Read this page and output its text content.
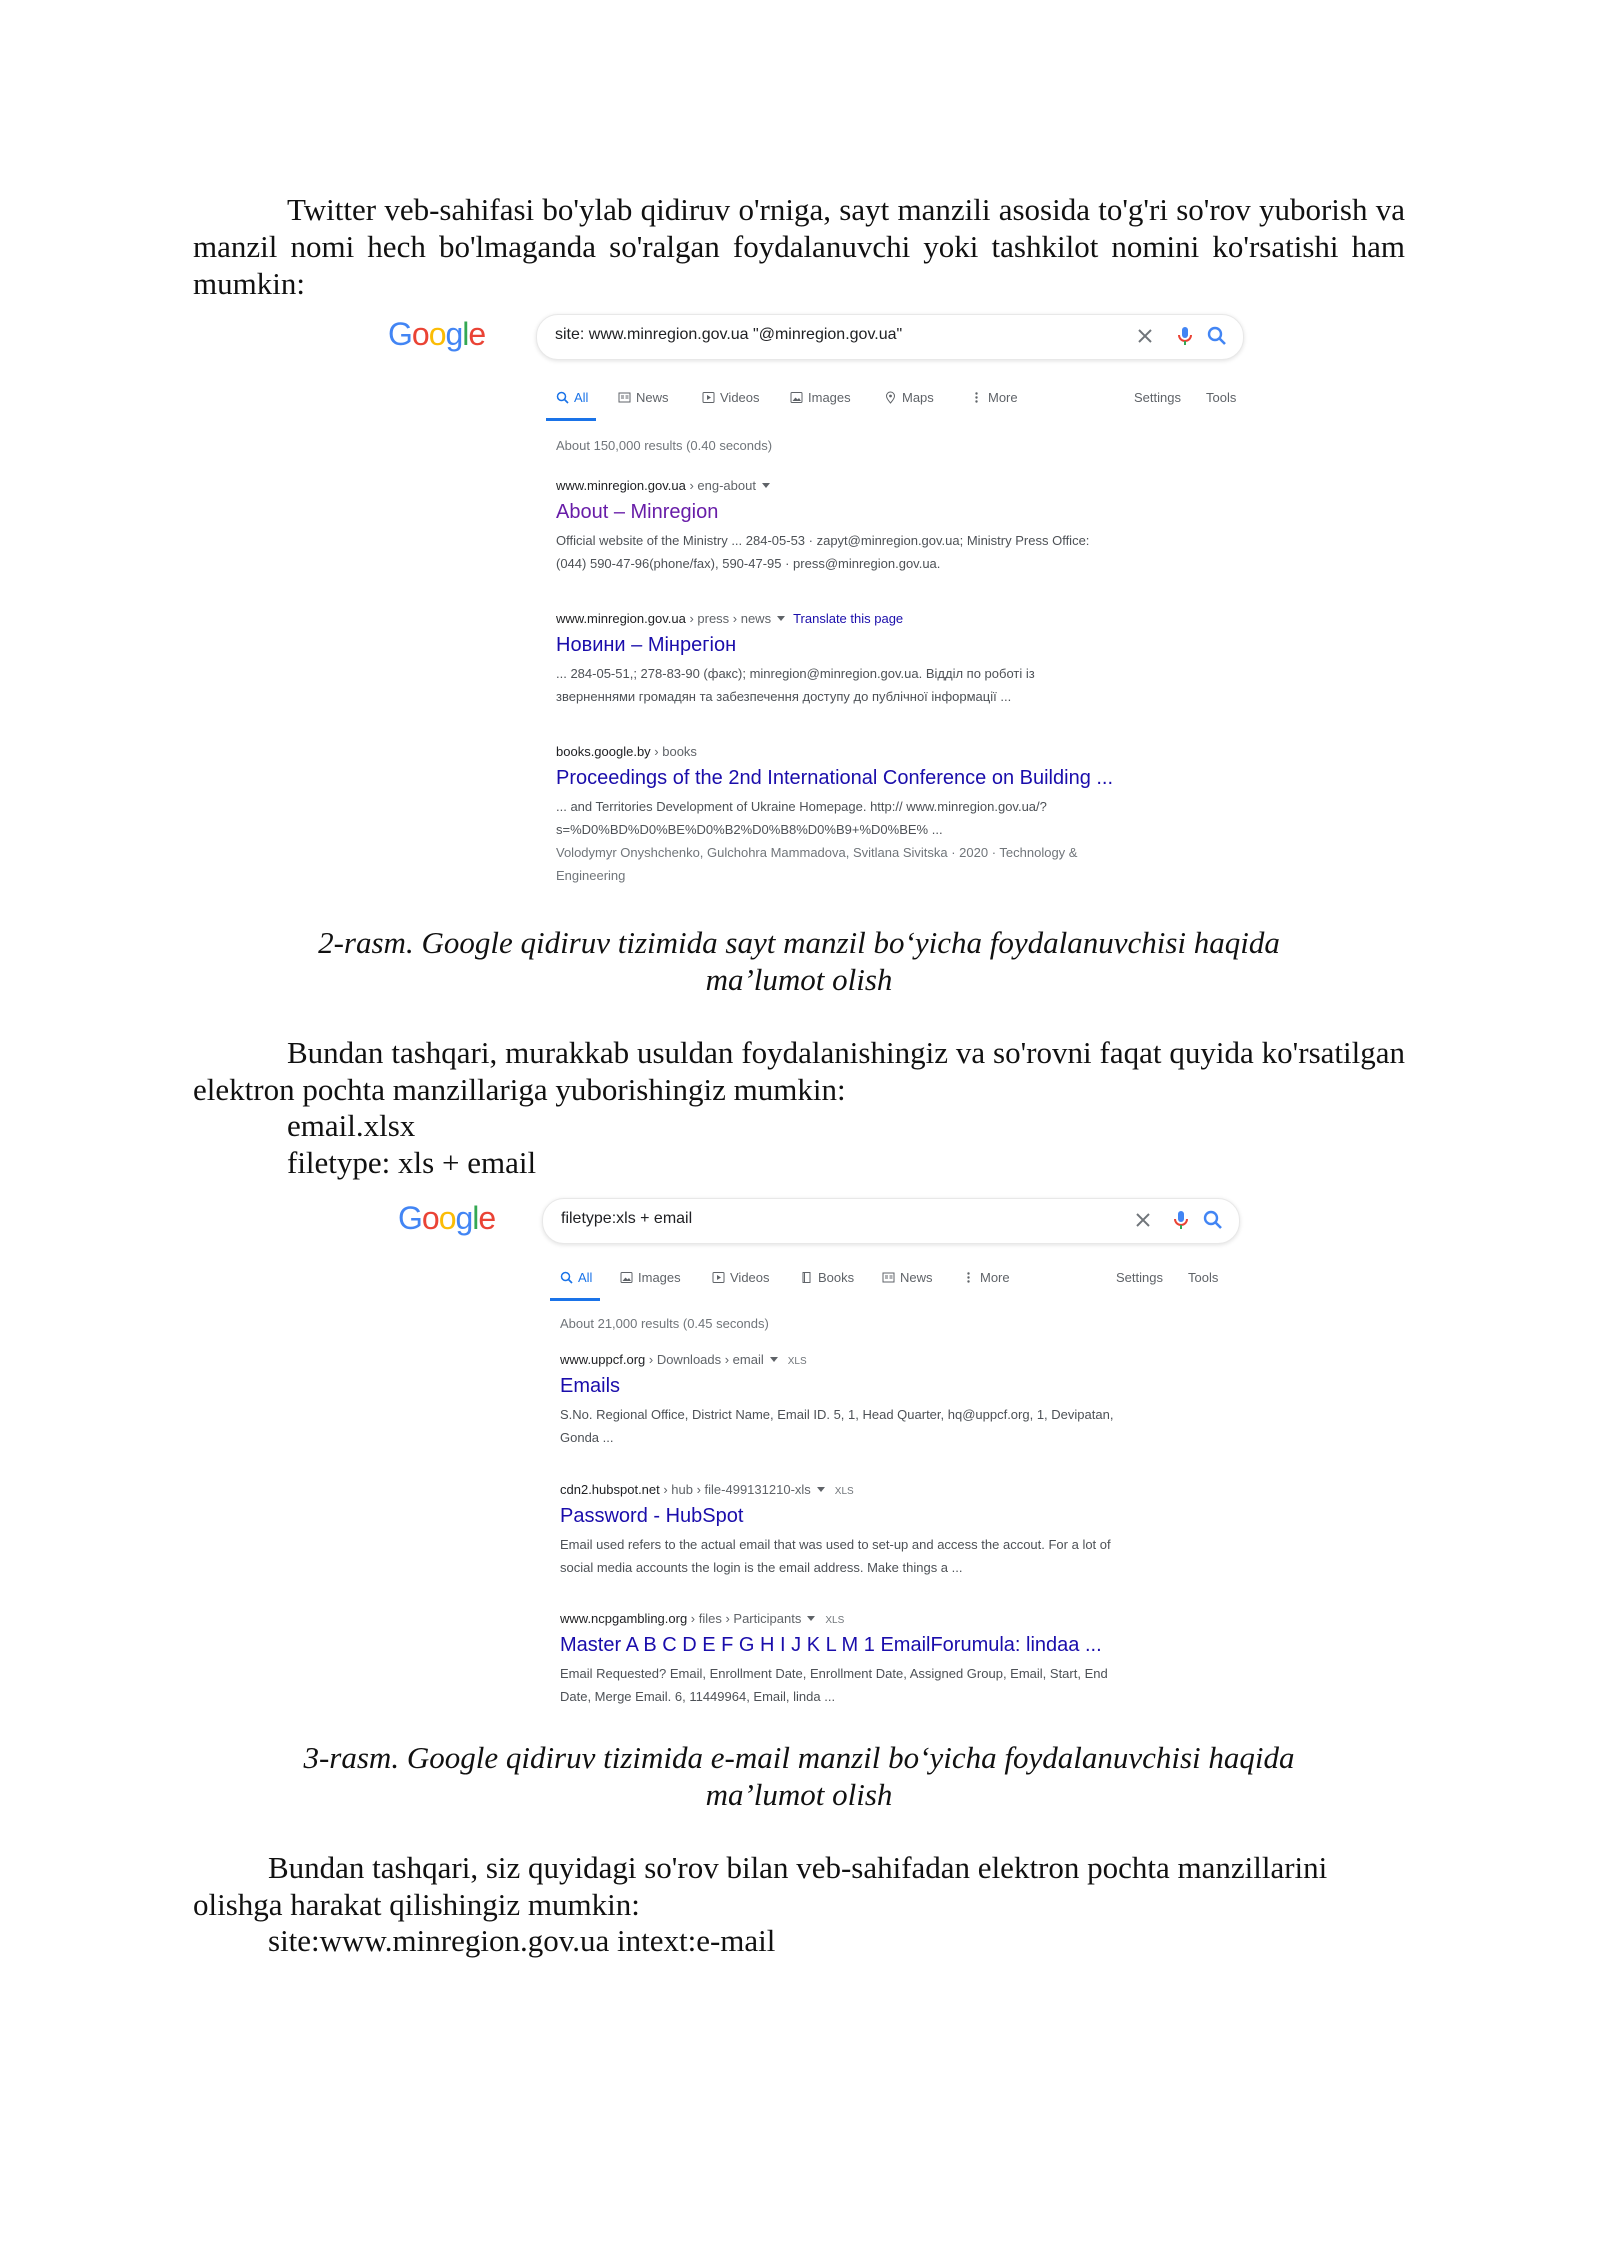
Twitter veb-sahifasi bo'ylab qidiruv o'rniga, sayt manzili asosida to'g'ri so'rov yuborish va manzil nomi hech bo'lmaganda so'ralgan foydalanuvchi yoki tashkilot nomini ko'rsatishi ham mumkin:
Google	site: www.minregion.gov.ua "@minregion.gov.ua"
All	News	Videos	Images	Maps	More	Settings Tools
About 150,000 results (0.40 seconds)
www.minregion.gov.ua › eng-about
About – Minregion
Official website of the Ministry ... 284-05-53 · zapyt@minregion.gov.ua; Ministry Press Office:
(044) 590-47-96(phone/fax), 590-47-95 · press@minregion.gov.ua.
www.minregion.gov.ua › press › news Translate this page
Новини – Мінрегіон
... 284-05-51,; 278-83-90 (факс); minregion@minregion.gov.ua. Відділ по роботі із
зверненнями громадян та забезпечення доступу до публічної інформації ...
books.google.by › books
Proceedings of the 2nd International Conference on Building ...
... and Territories Development of Ukraine Homepage. http:// www.minregion.gov.ua/?
s=%D0%BD%D0%BE%D0%B2%D0%B8%D0%B9+%D0%BE% ...
Volodymyr Onyshchenko, Gulchohra Mammadova, Svitlana Sivitska · 2020 · Technology &
Engineering
2-rasm. Google qidiruv tizimida sayt manzil bo‘yicha foydalanuvchisi haqida
ma’lumot olish
Bundan tashqari, murakkab usuldan foydalanishingiz va so'rovni faqat quyida ko'rsatilgan elektron pochta manzillariga yuborishingiz mumkin:
email.xlsx
filetype: xls + email
Google	filetype:xls + email
All	Images	Videos	Books	News	More	Settings Tools
About 21,000 results (0.45 seconds)
www.uppcf.org › Downloads › email XLS
Emails
S.No. Regional Office, District Name, Email ID. 5, 1, Head Quarter, hq@uppcf.org, 1, Devipatan,
Gonda ...
cdn2.hubspot.net › hub › file-499131210-xls XLS
Password - HubSpot
Email used refers to the actual email that was used to set-up and access the accout. For a lot of
social media accounts the login is the email address. Make things a ...
www.ncpgambling.org › files › Participants XLS
Master A B C D E F G H I J K L M 1 EmailForumula: lindaa ...
Email Requested? Email, Enrollment Date, Enrollment Date, Assigned Group, Email, Start, End
Date, Merge Email. 6, 11449964, Email, linda ...
3-rasm. Google qidiruv tizimida e-mail manzil bo‘yicha foydalanuvchisi haqida
ma’lumot olish
Bundan tashqari, siz quyidagi so'rov bilan veb-sahifadan elektron pochta manzillarini olishga harakat qilishingiz mumkin:
site:www.minregion.gov.ua intext:e-mail
